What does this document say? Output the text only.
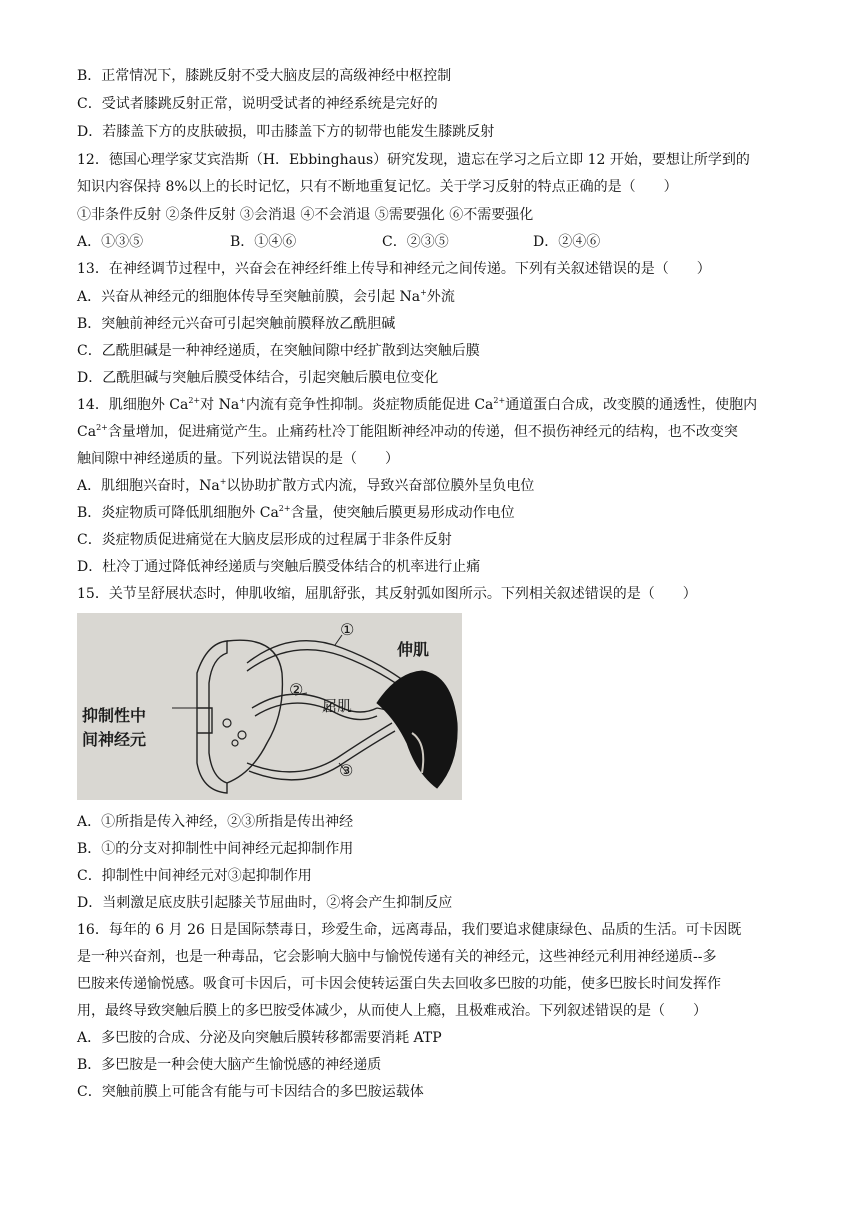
B．正常情况下，膝跳反射不受大脑皮层的高级神经中枢控制
C．受试者膝跳反射正常，说明受试者的神经系统是完好的
D．若膝盖下方的皮肤破损，叩击膝盖下方的韧带也能发生膝跳反射
12．德国心理学家艾宾浩斯（H．Ebbinghaus）研究发现，遗忘在学习之后立即 12 开始，要想让所学到的
知识内容保持 8%以上的长时记忆，只有不断地重复记忆。关于学习反射的特点正确的是（　　）
①非条件反射 ②条件反射 ③会消退 ④不会消退 ⑤需要强化 ⑥不需要强化
A．①③⑤	B．①④⑥	C．②③⑤	D．②④⑥
13．在神经调节过程中，兴奋会在神经纤维上传导和神经元之间传递。下列有关叙述错误的是（　　）
A．兴奋从神经元的细胞体传导至突触前膜，会引起 Na+外流
B．突触前神经元兴奋可引起突触前膜释放乙酰胆碱
C．乙酰胆碱是一种神经递质，在突触间隙中经扩散到达突触后膜
D．乙酰胆碱与突触后膜受体结合，引起突触后膜电位变化
14．肌细胞外 $Ca^{2+}$对 Na+内流有竞争性抑制。炎症物质能促进 $Ca^{2+}$通道蛋白合成，改变膜的通透性，使胞内
$Ca^{2+}$含量增加，促进痛觉产生。止痛药杜冷丁能阻断神经冲动的传递，但不损伤神经元的结构，也不改变突
触间隙中神经递质的量。下列说法错误的是（　　）
A．肌细胞兴奋时，Na+以协助扩散方式内流，导致兴奋部位膜外呈负电位
B．炎症物质可降低肌细胞外 $Ca^{2+}$含量，使突触后膜更易形成动作电位
C．炎症物质促进痛觉在大脑皮层形成的过程属于非条件反射
D．杜冷丁通过降低神经递质与突触后膜受体结合的机率进行止痛
15．关节呈舒展状态时，伸肌收缩，屈肌舒张，其反射弧如图所示。下列相关叙述错误的是（　　）
抑制性中
间神经元
伸肌
屈肌
①
②
③
A．①所指是传入神经，②③所指是传出神经
B．①的分支对抑制性中间神经元起抑制作用
C．抑制性中间神经元对③起抑制作用
D．当刺激足底皮肤引起膝关节屈曲时，②将会产生抑制反应
16．每年的 6 月 26 日是国际禁毒日，珍爱生命，远离毒品，我们要追求健康绿色、品质的生活。可卡因既
是一种兴奋剂，也是一种毒品，它会影响大脑中与愉悦传递有关的神经元，这些神经元利用神经递质--多
巴胺来传递愉悦感。吸食可卡因后，可卡因会使转运蛋白失去回收多巴胺的功能，使多巴胺长时间发挥作
用，最终导致突触后膜上的多巴胺受体减少，从而使人上瘾，且极难戒治。下列叙述错误的是（　　）
A．多巴胺的合成、分泌及向突触后膜转移都需要消耗 ATP
B．多巴胺是一种会使大脑产生愉悦感的神经递质
C．突触前膜上可能含有能与可卡因结合的多巴胺运载体
